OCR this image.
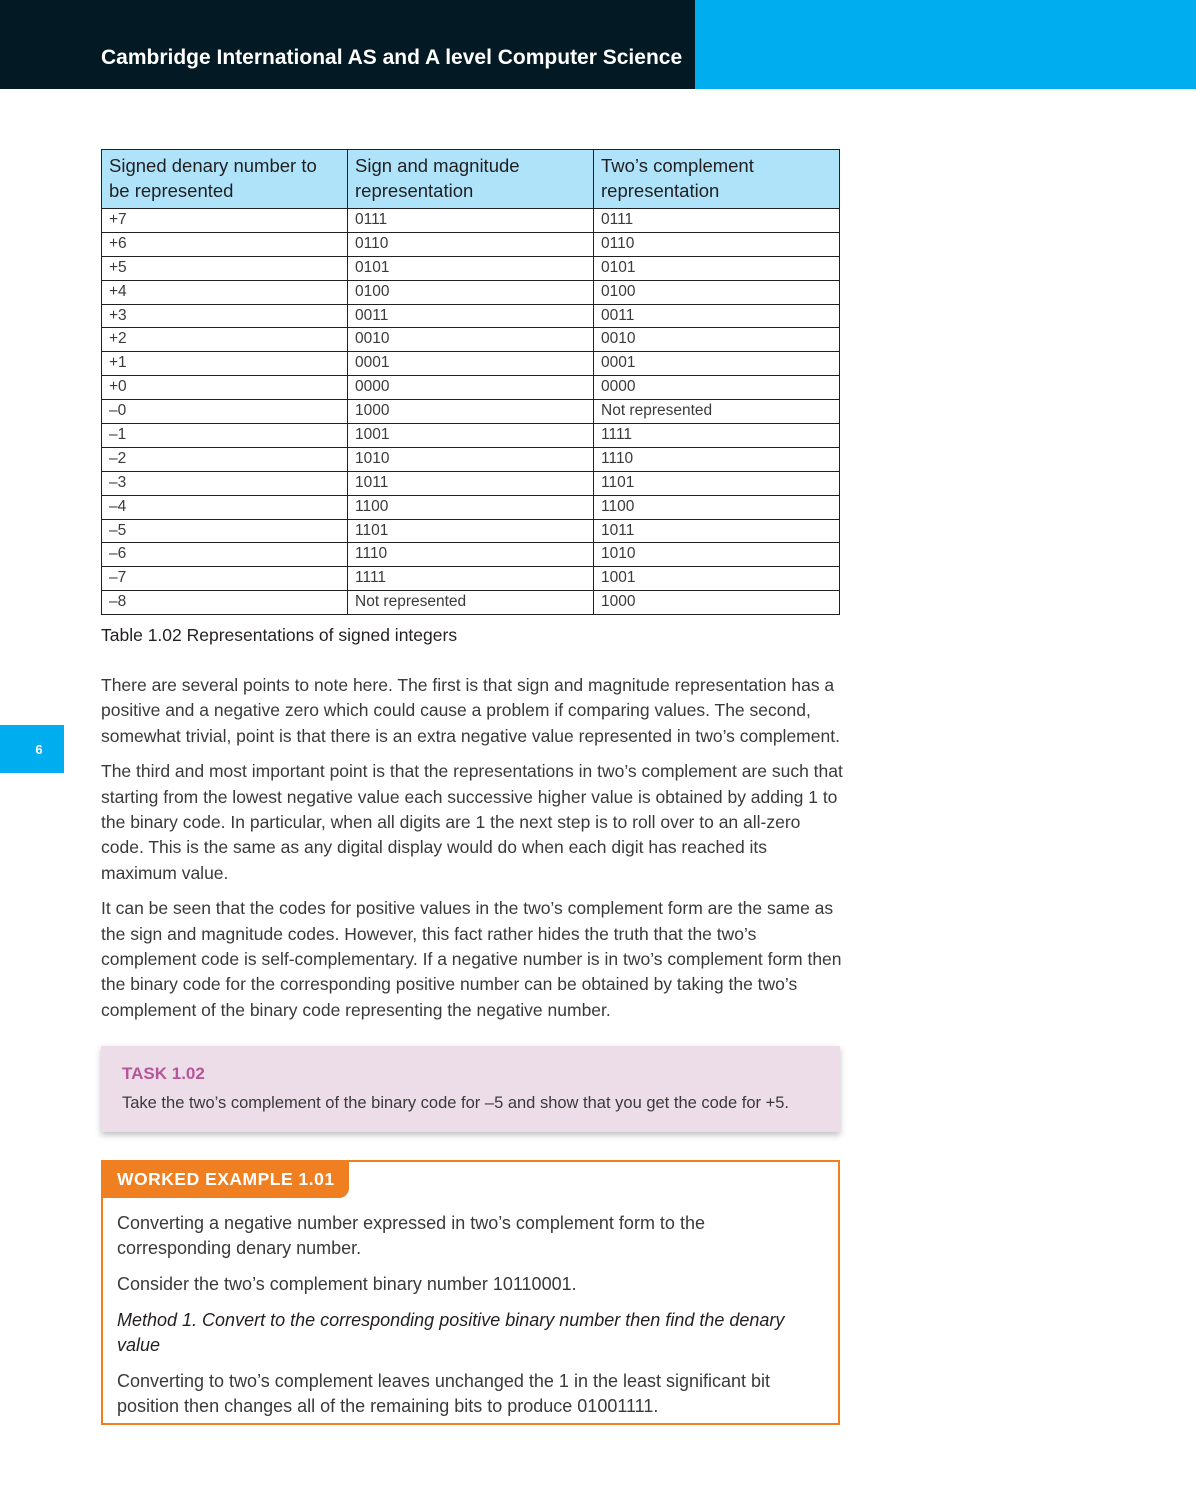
Cambridge International AS and A level Computer Science
6
Signed denary number to be represented	Sign and magnitude representation	Two’s complement representation
+7	0111	0111
+6	0110	0110
+5	0101	0101
+4	0100	0100
+3	0011	0011
+2	0010	0010
+1	0001	0001
+0	0000	0000
–0	1000	Not represented
–1	1001	1111
–2	1010	1110
–3	1011	1101
–4	1100	1100
–5	1101	1011
–6	1110	1010
–7	1111	1001
–8	Not represented	1000
Table 1.02 Representations of signed integers

There are several points to note here. The first is that sign and magnitude representation has a positive and a negative zero which could cause a problem if comparing values. The second, somewhat trivial, point is that there is an extra negative value represented in two’s complement.

The third and most important point is that the representations in two’s complement are such that starting from the lowest negative value each successive higher value is obtained by adding 1 to the binary code. In particular, when all digits are 1 the next step is to roll over to an all-zero code. This is the same as any digital display would do when each digit has reached its maximum value.

It can be seen that the codes for positive values in the two’s complement form are the same as the sign and magnitude codes. However, this fact rather hides the truth that the two’s complement code is self-complementary. If a negative number is in two’s complement form then the binary code for the corresponding positive number can be obtained by taking the two’s complement of the binary code representing the negative number.

TASK 1.02
Take the two’s complement of the binary code for –5 and show that you get the code for +5.
WORKED EXAMPLE 1.01

Converting a negative number expressed in two’s complement form to the corresponding denary number.

Consider the two’s complement binary number 10110001.

Method 1. Convert to the corresponding positive binary number then find the denary value

Converting to two’s complement leaves unchanged the 1 in the least significant bit position then changes all of the remaining bits to produce 01001111.
